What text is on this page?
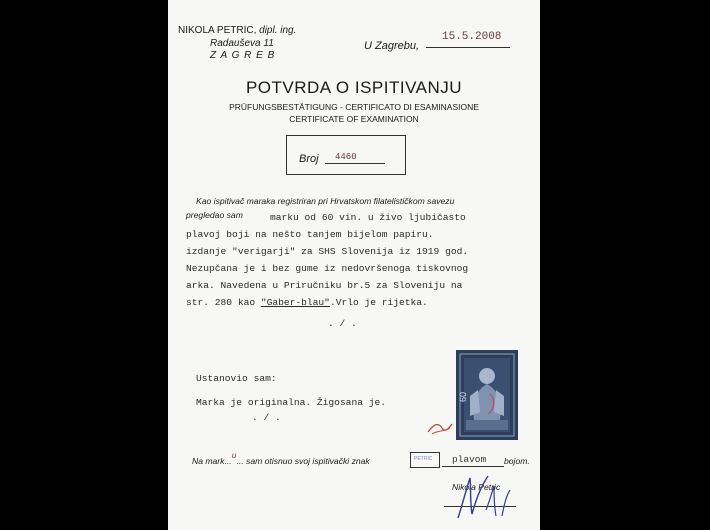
NIKOLA PETRIC, dipl. ing.
Radauševa 11
Z A G R E B
U Zagrebu,
15.5.2008
POTVRDA O ISPITIVANJU
PRÜFUNGSBESTÄTIGUNG - CERTIFICATO DI ESAMINASIONE
CERTIFICATE OF EXAMINATION
Broj 4460
Kao ispitivač maraka registriran pri Hrvatskom filatelističkom savezu
pregledao sam	marku od 60 vin. u živo ljubičasto
plavoj boji na nešto tanjem bijelom papiru.
izdanje "verigarji" za SHS Slovenija iz 1919 god.
Nezupčana je i bez gume iz nedovršenoga tiskovnog
arka. Navedena u Priručniku br.5 za Sloveniju na
str. 280 kao "Gaber-blau".Vrlo je rijetka.
. / .
60
Ustanovio sam:
Marka je originalna. Žigosana je.
. / .
Na mark...u... sam otisnuo svoj ispitivački znak	PETRIC plavom bojom.
Nikola Petric
